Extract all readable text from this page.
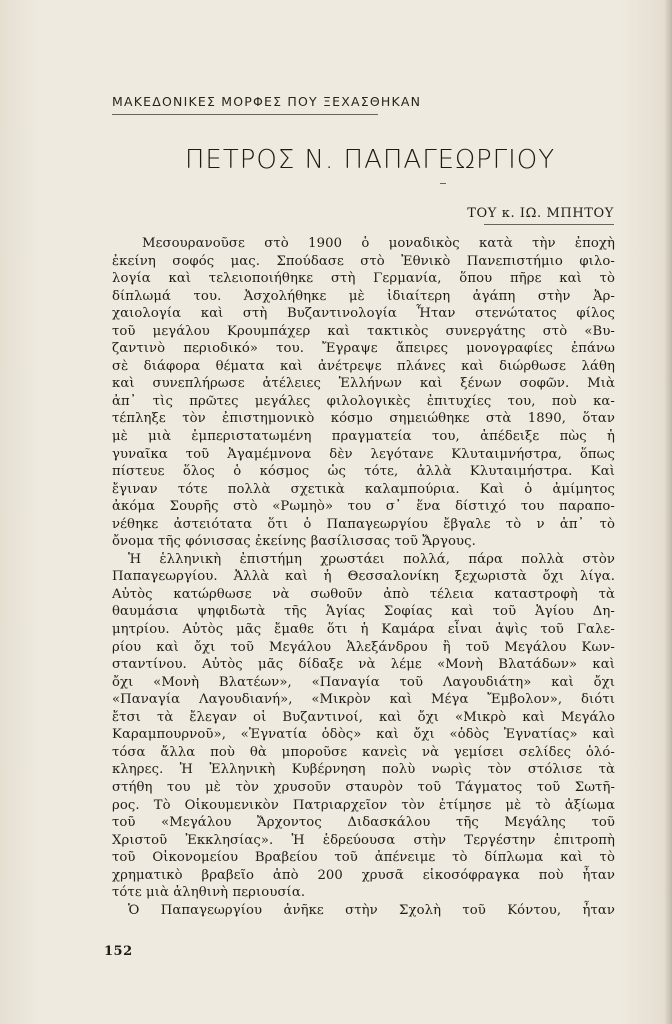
ΜΑΚΕΔΟΝΙΚΕΣ ΜΟΡΦΕΣ ΠΟΥ ΞΕΧΑΣΘΗΚΑΝ
ΠΕΤΡΟΣ Ν. ΠΑΠΑΓΕΩΡΓΙΟΥ
ΤΟΥ κ. ΙΩ. ΜΠΗΤΟΥ
Μεσουρανοῦσε στὸ 1900 ὁ μοναδικὸς κατὰ τὴν ἐποχὴ
ἐκείνη σοφός μας. Σπούδασε στὸ Ἐθνικὸ Πανεπιστήμιο φιλο-
λογία καὶ τελειοποιήθηκε στὴ Γερμανία, ὅπου πῆρε καὶ τὸ
δίπλωμά του. Ἀσχολήθηκε μὲ ἰδιαίτερη ἀγάπη στὴν Ἀρ-
χαιολογία καὶ στὴ Βυζαντινολογία Ἦταν στενώτατος φίλος
τοῦ μεγάλου Κρουμπάχερ καὶ τακτικὸς συνεργάτης στὸ «Βυ-
ζαντινὸ περιοδικό» του. Ἔγραψε ἄπειρες μονογραφίες ἐπάνω
σὲ διάφορα θέματα καὶ ἀνέτρεψε πλάνες καὶ διώρθωσε λάθη
καὶ συνεπλήρωσε ἀτέλειες Ἑλλήνων καὶ ξένων σοφῶν. Μιὰ
ἀπ᾽ τὶς πρῶτες μεγάλες φιλολογικὲς ἐπιτυχίες του, ποὺ κα-
τέπληξε τὸν ἐπιστημονικὸ κόσμο σημειώθηκε στὰ 1890, ὅταν
μὲ μιὰ ἐμπεριστατωμένη πραγματεία του, ἀπέδειξε πὼς ἡ
γυναῖκα τοῦ Ἀγαμέμνονα δὲν λεγότανε Κλυταιμνήστρα, ὅπως
πίστευε ὅλος ὁ κόσμος ὡς τότε, ἀλλὰ Κλυταιμήστρα. Καὶ
ἔγιναν τότε πολλὰ σχετικὰ καλαμπούρια. Καὶ ὁ ἀμίμητος
ἀκόμα Σουρῆς στὸ «Ρωμηὸ» του σ᾽ ἕνα δίστιχό του παραπο-
νέθηκε ἀστειότατα ὅτι ὁ Παπαγεωργίου ἔβγαλε τὸ ν ἀπ᾽ τὸ
ὄνομα τῆς φόνισσας ἐκείνης βασίλισσας τοῦ Ἄργους.
Ἡ ἑλληνικὴ ἐπιστήμη χρωστάει πολλά, πάρα πολλὰ στὸν
Παπαγεωργίου. Ἀλλὰ καὶ ἡ Θεσσαλονίκη ξεχωριστὰ ὄχι λίγα.
Αὐτὸς κατώρθωσε νὰ σωθοῦν ἀπὸ τέλεια καταστροφὴ τὰ
θαυμάσια ψηφιδωτὰ τῆς Ἁγίας Σοφίας καὶ τοῦ Ἁγίου Δη-
μητρίου. Αὐτὸς μᾶς ἔμαθε ὅτι ἡ Καμάρα εἶναι ἁψὶς τοῦ Γαλε-
ρίου καὶ ὄχι τοῦ Μεγάλου Ἀλεξάνδρου ἢ τοῦ Μεγάλου Κων-
σταντίνου. Αὐτὸς μᾶς δίδαξε νὰ λέμε «Μονὴ Βλατάδων» καὶ
ὄχι «Μονὴ Βλατέων», «Παναγία τοῦ Λαγουδιάτη» καὶ ὄχι
«Παναγία Λαγουδιανή», «Μικρὸν καὶ Μέγα Ἔμβολον», διότι
ἔτσι τὰ ἔλεγαν οἱ Βυζαντινοί, καὶ ὄχι «Μικρὸ καὶ Μεγάλο
Καραμπουρνοῦ», «Ἐγνατία ὁδὸς» καὶ ὄχι «ὁδὸς Ἐγνατίας» καὶ
τόσα ἄλλα ποὺ θὰ μποροῦσε κανεὶς νὰ γεμίσει σελίδες ὁλό-
κληρες. Ἡ Ἑλληνικὴ Κυβέρνηση πολὺ νωρὶς τὸν στόλισε τὰ
στήθη του μὲ τὸν χρυσοῦν σταυρὸν τοῦ Τάγματος τοῦ Σωτῆ-
ρος. Τὸ Οἰκουμενικὸν Πατριαρχεῖον τὸν ἐτίμησε μὲ τὸ ἀξίωμα
τοῦ «Μεγάλου Ἄρχοντος Διδασκάλου τῆς Μεγάλης τοῦ
Χριστοῦ Ἐκκλησίας». Ἡ ἑδρεύουσα στὴν Τεργέστην ἐπιτροπὴ
τοῦ Οἰκονομείου Βραβείου τοῦ ἀπένειμε τὸ δίπλωμα καὶ τὸ
χρηματικὸ βραβεῖο ἀπὸ 200 χρυσᾶ εἰκοσόφραγκα ποὺ ἦταν
τότε μιὰ ἀληθινὴ περιουσία.
Ὁ Παπαγεωργίου ἀνῆκε στὴν Σχολὴ τοῦ Κόντου, ἦταν
152
